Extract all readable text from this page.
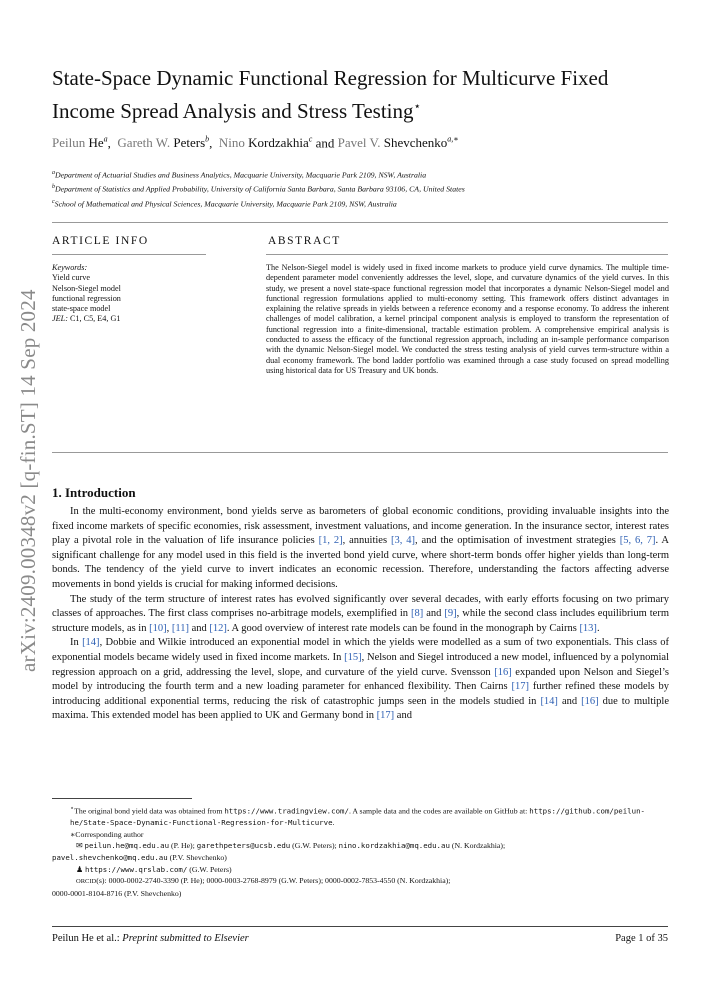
arXiv:2409.00348v2 [q-fin.ST] 14 Sep 2024
State-Space Dynamic Functional Regression for Multicurve Fixed
Income Spread Analysis and Stress Testing⋆
Peilun He$^a$,  Gareth W. Peters$^b$,  Nino Kordzakhia$^c$ and Pavel V. Shevchenko$^{a,∗}$
$^a$Department of Actuarial Studies and Business Analytics, Macquarie University, Macquarie Park 2109, NSW, Australia
$^b$Department of Statistics and Applied Probability, University of California Santa Barbara, Santa Barbara 93106, CA, United States
$^c$School of Mathematical and Physical Sciences, Macquarie University, Macquarie Park 2109, NSW, Australia
ARTICLE INFO	ABSTRACT
Keywords:
Yield curve
Nelson-Siegel model
functional regression
state-space model
JEL: C1, C5, E4, G1
The Nelson-Siegel model is widely used in fixed income markets to produce yield curve dynamics. The multiple time-dependent parameter model conveniently addresses the level, slope, and curvature dynamics of the yield curves. In this study, we present a novel state-space functional regression model that incorporates a dynamic Nelson-Siegel model and functional regression formulations applied to multi-economy setting. This framework offers distinct advantages in explaining the relative spreads in yields between a reference economy and a response economy. To address the inherent challenges of model calibration, a kernel principal component analysis is employed to transform the representation of functional regression into a finite-dimensional, tractable estimation problem. A comprehensive empirical analysis is conducted to assess the efficacy of the functional regression approach, including an in-sample performance comparison with the dynamic Nelson-Siegel model. We conducted the stress testing analysis of yield curves term-structure within a dual economy framework. The bond ladder portfolio was examined through a case study focused on spread modelling using historical data for US Treasury and UK bonds.
1. Introduction

In the multi-economy environment, bond yields serve as barometers of global economic conditions, providing invaluable insights into the fixed income markets of specific economies, risk assessment, investment valuations, and income generation. In the insurance sector, interest rates play a pivotal role in the valuation of life insurance policies [1, 2], annuities [3, 4], and the optimisation of investment strategies [5, 6, 7]. A significant challenge for any model used in this field is the inverted bond yield curve, where short-term bonds offer higher yields than long-term bonds. The tendency of the yield curve to invert indicates an economic recession. Therefore, understanding the factors affecting adverse movements in bond yields is crucial for making informed decisions.

The study of the term structure of interest rates has evolved significantly over several decades, with early efforts focusing on two primary classes of approaches. The first class comprises no-arbitrage models, exemplified in [8] and [9], while the second class includes equilibrium term structure models, as in [10], [11] and [12]. A good overview of interest rate models can be found in the monograph by Cairns [13].

In [14], Dobbie and Wilkie introduced an exponential model in which the yields were modelled as a sum of two exponentials. This class of exponential models became widely used in fixed income markets. In [15], Nelson and Siegel introduced a new model, influenced by a polynomial regression approach on a grid, addressing the level, slope, and curvature of the yield curve. Svensson [16] expanded upon Nelson and Siegel’s model by introducing the fourth term and a new loading parameter for enhanced flexibility. Then Cairns [17] further refined these models by introducing additional exponential terms, reducing the risk of catastrophic jumps seen in the models studied in [14] and [16] due to multiple maxima. This extended model has been applied to UK and Germany bond in [17] and

⋆The original bond yield data was obtained from https://www.tradingview.com/. A sample data and the codes are available on GitHub at: https://github.com/peilun-he/State-Space-Dynamic-Functional-Regression-for-Multicurve.
∗Corresponding author
✉ peilun.he@mq.edu.au (P. He); garethpeters@ucsb.edu (G.W. Peters); nino.kordzakhia@mq.edu.au (N. Kordzakhia);
pavel.shevchenko@mq.edu.au (P.V. Shevchenko)
♟ https://www.qrslab.com/ (G.W. Peters)
ORCID(s): 0000-0002-2740-3390 (P. He); 0000-0003-2768-8979 (G.W. Peters); 0000-0002-7853-4550 (N. Kordzakhia);
0000-0001-8104-8716 (P.V. Shevchenko)
Peilun He et al.: Preprint submitted to Elsevier	Page 1 of 35
